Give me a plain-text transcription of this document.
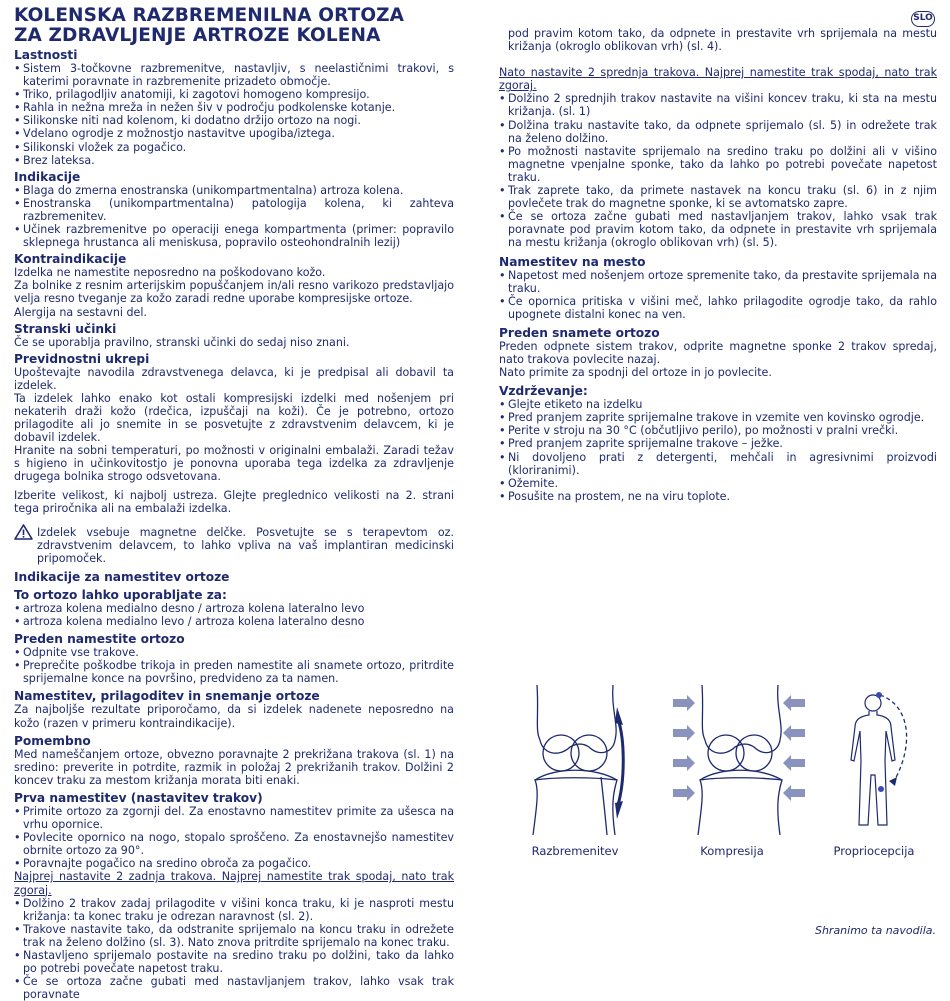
SLO
KOLENSKA RAZBREMENILNA ORTOZA ZA ZDRAVLJENJE ARTROZE KOLENA
Lastnosti
• Sistem 3-točkovne razbremenitve, nastavljiv, s neelastičnimi trakovi, s katerimi poravnate in razbremenite prizadeto območje.
• Triko, prilagodljiv anatomiji, ki zagotovi homogeno kompresijo.
• Rahla in nežna mreža in nežen šiv v področju podkolenske kotanje.
• Silikonske niti nad kolenom, ki dodatno držijo ortozo na nogi.
• Vdelano ogrodje z možnostjo nastavitve upogiba/iztega.
• Silikonski vložek za pogačico.
• Brez lateksa.
Indikacije
• Blaga do zmerna enostranska (unikompartmentalna) artroza kolena.
• Enostranska (unikompartmentalna) patologija kolena, ki zahteva razbremenitev.
• Učinek razbremenitve po operaciji enega kompartmenta (primer: popravilo sklepnega hrustanca ali meniskusa, popravilo osteohondralnih lezij)
Kontraindikacije

Izdelka ne namestite neposredno na poškodovano kožo.

Za bolnike z resnim arterijskim popuščanjem in/ali resno varikozo predstavljajo velja resno tveganje za kožo zaradi redne uporabe kompresijske ortoze.

Alergija na sestavni del.

Stranski učinki

Če se uporablja pravilno, stranski učinki do sedaj niso znani.

Previdnostni ukrepi

Upoštevajte navodila zdravstvenega delavca, ki je predpisal ali dobavil ta izdelek.

Ta izdelek lahko enako kot ostali kompresijski izdelki med nošenjem pri nekaterih draži kožo (rdečica, izpuščaji na koži). Če je potrebno, ortozo prilagodite ali jo snemite in se posvetujte z zdravstvenim delavcem, ki je dobavil izdelek.

Hranite na sobni temperaturi, po možnosti v originalni embalaži. Zaradi težav s higieno in učinkovitostjo je ponovna uporaba tega izdelka za zdravljenje drugega bolnika strogo odsvetovana.

Izberite velikost, ki najbolj ustreza. Glejte preglednico velikosti na 2. strani tega priročnika ali na embalaži izdelka.

Izdelek vsebuje magnetne delčke. Posvetujte se s terapevtom oz. zdravstvenim delavcem, to lahko vpliva na vaš implantiran medicinski pripomoček.

Indikacije za namestitev ortoze
To ortozo lahko uporabljate za:
• artroza kolena medialno desno / artroza kolena lateralno levo
• artroza kolena medialno levo / artroza kolena lateralno desno
Preden namestite ortozo
• Odpnite vse trakove.
• Preprečite poškodbe trikoja in preden namestite ali snamete ortozo, pritrdite sprijemalne konce na površino, predvideno za ta namen.
Namestitev, prilagoditev in snemanje ortoze

Za najboljše rezultate priporočamo, da si izdelek nadenete neposredno na kožo (razen v primeru kontraindikacije).

Pomembno

Med nameščanjem ortoze, obvezno poravnajte 2 prekrižana trakova (sl. 1) na sredino: preverite in potrdite, razmik in položaj 2 prekrižanih trakov. Dolžini 2 koncev traku za mestom križanja morata biti enaki.

Prva namestitev (nastavitev trakov)
• Primite ortozo za zgornji del. Za enostavno namestitev primite za ušesca na vrhu opornice.
• Povlecite opornico na nogo, stopalo sproščeno. Za enostavnejšo namestitev obrnite ortozo za 90°.
• Poravnajte pogačico na sredino obroča za pogačico.

Najprej nastavite 2 zadnja trakova. Najprej namestite trak spodaj, nato trak zgoraj.

• Dolžino 2 trakov zadaj prilagodite v višini konca traku, ki je nasproti mestu križanja: ta konec traku je odrezan naravnost (sl. 2).
• Trakove nastavite tako, da odstranite sprijemalo na koncu traku in odrežete trak na želeno dolžino (sl. 3). Nato znova pritrdite sprijemalo na konec traku.
• Nastavljeno sprijemalo postavite na sredino traku po dolžini, tako da lahko po potrebi povečate napetost traku.
• Če se ortoza začne gubati med nastavljanjem trakov, lahko vsak trak poravnate

pod pravim kotom tako, da odpnete in prestavite vrh sprijemala na mestu križanja (okroglo oblikovan vrh) (sl. 4).

Nato nastavite 2 sprednja trakova. Najprej namestite trak spodaj, nato trak zgoraj.

• Dolžino 2 sprednjih trakov nastavite na višini koncev traku, ki sta na mestu križanja. (sl. 1)
• Dolžina traku nastavite tako, da odpnete sprijemalo (sl. 5) in odrežete trak na želeno dolžino.
• Po možnosti nastavite sprijemalo na sredino traku po dolžini ali v višino magnetne vpenjalne sponke, tako da lahko po potrebi povečate napetost traku.
• Trak zaprete tako, da primete nastavek na koncu traku (sl. 6) in z njim povlečete trak do magnetne sponke, ki se avtomatsko zapre.
• Če se ortoza začne gubati med nastavljanjem trakov, lahko vsak trak poravnate pod pravim kotom tako, da odpnete in prestavite vrh sprijemala na mestu križanja (okroglo oblikovan vrh) (sl. 5).
Namestitev na mesto
• Napetost med nošenjem ortoze spremenite tako, da prestavite sprijemala na traku.
• Če opornica pritiska v višini meč, lahko prilagodite ogrodje tako, da rahlo upognete distalni konec na ven.
Preden snamete ortozo

Preden odpnete sistem trakov, odprite magnetne sponke 2 trakov spredaj, nato trakova povlecite nazaj.

Nato primite za spodnji del ortoze in jo povlecite.

Vzdrževanje:
• Glejte etiketo na izdelku
• Pred pranjem zaprite sprijemalne trakove in vzemite ven kovinsko ogrodje.
• Perite v stroju na 30 °C (občutljivo perilo), po možnosti v pralni vrečki.
• Pred pranjem zaprite sprijemalne trakove – ježke.
• Ni dovoljeno prati z detergenti, mehčali in agresivnimi proizvodi (kloriranimi).
• Ožemite.
• Posušite na prostem, ne na viru toplote.
Razbremenitev	Kompresija	Propriocepcija
Shranimo ta navodila.
